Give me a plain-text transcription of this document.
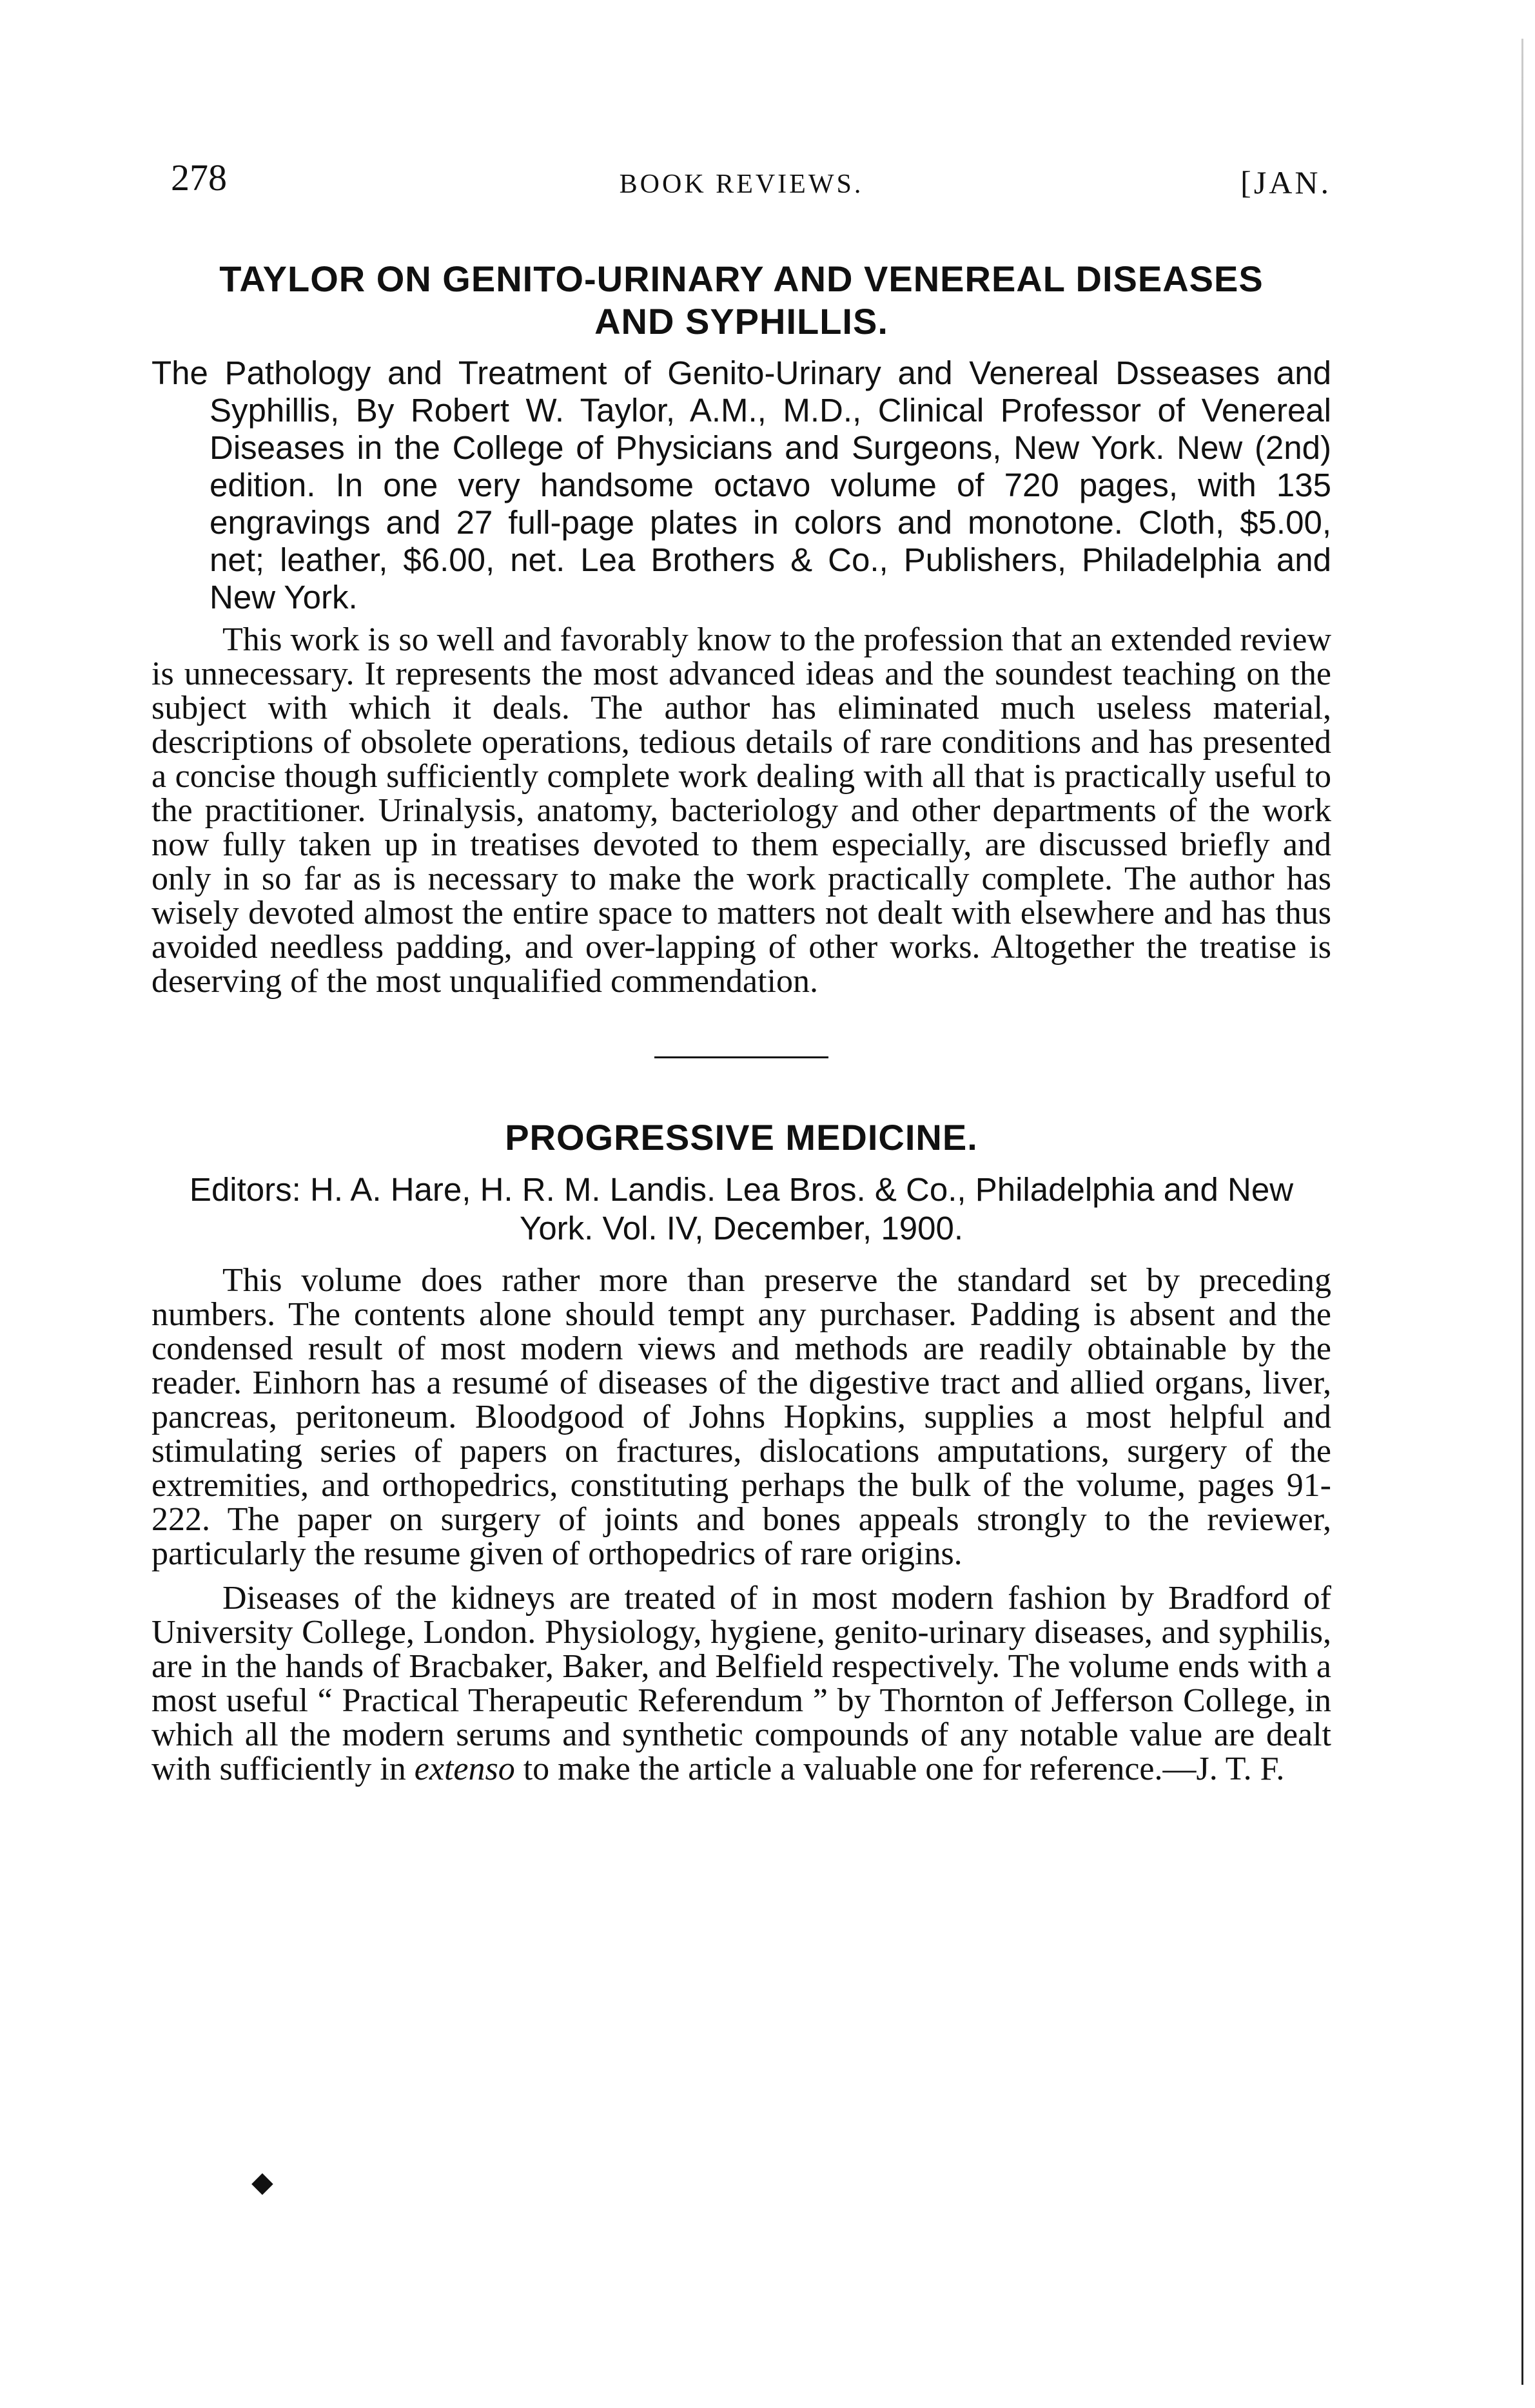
278	BOOK REVIEWS.	[JAN.
TAYLOR ON GENITO-URINARY AND VENEREAL DISEASES
AND SYPHILLIS.

The Pathology and Treatment of Genito-Urinary and Venereal Dsseases and Syphillis, By Robert W. Taylor, A.M., M.D., Clinical Professor of Venereal Diseases in the College of Physicians and Surgeons, New York. New (2nd) edition. In one very handsome octavo volume of 720 pages, with 135 engravings and 27 full-page plates in colors and monotone. Cloth, $5.00, net; leather, $6.00, net. Lea Brothers & Co., Publishers, Philadelphia and New York.

This work is so well and favorably know to the profession that an extended review is unnecessary. It represents the most advanced ideas and the soundest teaching on the subject with which it deals. The author has eliminated much useless material, descriptions of obsolete operations, tedious details of rare conditions and has presented a concise though sufficiently complete work dealing with all that is practically useful to the practitioner. Urinalysis, anatomy, bacteriology and other departments of the work now fully taken up in treatises devoted to them especially, are discussed briefly and only in so far as is necessary to make the work practically complete. The author has wisely devoted almost the entire space to matters not dealt with elsewhere and has thus avoided needless padding, and over-lapping of other works. Altogether the treatise is deserving of the most unqualified commendation.

PROGRESSIVE MEDICINE.

Editors: H. A. Hare, H. R. M. Landis. Lea Bros. & Co., Philadelphia and New York. Vol. IV, December, 1900.

This volume does rather more than preserve the standard set by preceding numbers. The contents alone should tempt any purchaser. Padding is absent and the condensed result of most modern views and methods are readily obtainable by the reader. Einhorn has a resumé of diseases of the digestive tract and allied organs, liver, pancreas, peritoneum. Bloodgood of Johns Hopkins, supplies a most helpful and stimulating series of papers on fractures, dislocations amputations, surgery of the extremities, and orthopedrics, constituting perhaps the bulk of the volume, pages 91-222. The paper on surgery of joints and bones appeals strongly to the reviewer, particularly the resume given of orthopedrics of rare origins.

Diseases of the kidneys are treated of in most modern fashion by Bradford of University College, London. Physiology, hygiene, genito-urinary diseases, and syphilis, are in the hands of Bracbaker, Baker, and Belfield respectively. The volume ends with a most useful “ Practical Therapeutic Referendum ” by Thornton of Jefferson College, in which all the modern serums and synthetic compounds of any notable value are dealt with sufficiently in extenso to make the article a valuable one for reference.—J. T. F.

◆
